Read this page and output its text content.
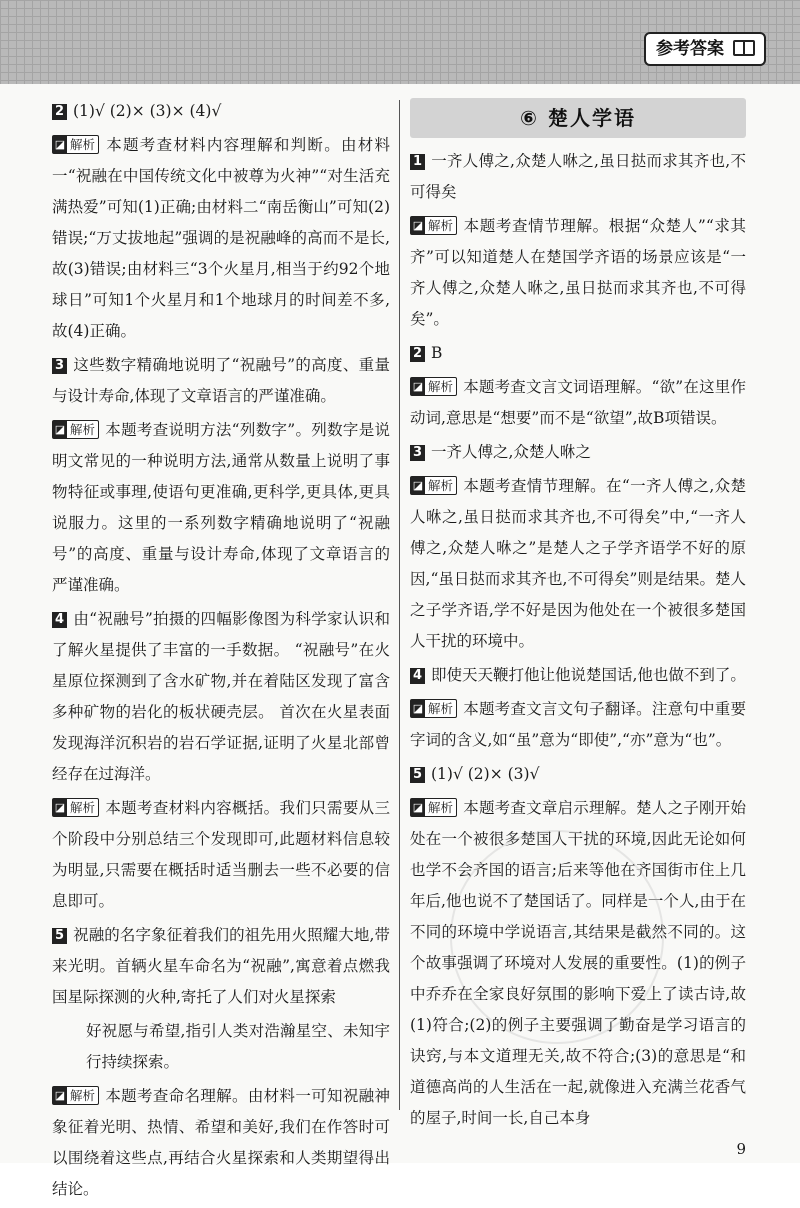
参考答案

2 (1)√ (2)× (3)× (4)√

◪ 解析 本题考查材料内容理解和判断。由材料一“祝融在中国传统文化中被尊为火神”“对生活充满热爱”可知(1)正确;由材料二“南岳衡山”可知(2)错误;“万丈拔地起”强调的是祝融峰的高而不是长,故(3)错误;由材料三“3个火星月,相当于约92个地球日”可知1个火星月和1个地球月的时间差不多,故(4)正确。

3 这些数字精确地说明了“祝融号”的高度、重量与设计寿命,体现了文章语言的严谨准确。

◪ 解析 本题考查说明方法“列数字”。列数字是说明文常见的一种说明方法,通常从数量上说明了事物特征或事理,使语句更准确,更科学,更具体,更具说服力。这里的一系列数字精确地说明了“祝融号”的高度、重量与设计寿命,体现了文章语言的严谨准确。

4 由“祝融号”拍摄的四幅影像图为科学家认识和了解火星提供了丰富的一手数据。 “祝融号”在火星原位探测到了含水矿物,并在着陆区发现了富含多种矿物的岩化的板状硬壳层。 首次在火星表面发现海洋沉积岩的岩石学证据,证明了火星北部曾经存在过海洋。

◪ 解析 本题考查材料内容概括。我们只需要从三个阶段中分别总结三个发现即可,此题材料信息较为明显,只需要在概括时适当删去一些不必要的信息即可。

5 祝融的名字象征着我们的祖先用火照耀大地,带来光明。首辆火星车命名为“祝融”,寓意着点燃我国星际探测的火种,寄托了人们对火星探索

好祝愿与希望,指引人类对浩瀚星空、未知宇行持续探索。

◪ 解析 本题考查命名理解。由材料一可知祝融神象征着光明、热情、希望和美好,我们在作答时可以围绕着这些点,再结合火星探索和人类期望得出结论。

⑥ 楚人学语

1 一齐人傅之,众楚人咻之,虽日挞而求其齐也,不可得矣

◪ 解析 本题考查情节理解。根据“众楚人”“求其齐”可以知道楚人在楚国学齐语的场景应该是“一齐人傅之,众楚人咻之,虽日挞而求其齐也,不可得矣”。

2 B

◪ 解析 本题考查文言文词语理解。“欲”在这里作动词,意思是“想要”而不是“欲望”,故B项错误。

3 一齐人傅之,众楚人咻之

◪ 解析 本题考查情节理解。在“一齐人傅之,众楚人咻之,虽日挞而求其齐也,不可得矣”中,“一齐人傅之,众楚人咻之”是楚人之子学齐语学不好的原因,“虽日挞而求其齐也,不可得矣”则是结果。楚人之子学齐语,学不好是因为他处在一个被很多楚国人干扰的环境中。

4 即使天天鞭打他让他说楚国话,他也做不到了。

◪ 解析 本题考查文言文句子翻译。注意句中重要字词的含义,如“虽”意为“即使”,“亦”意为“也”。

5 (1)√ (2)× (3)√

◪ 解析 本题考查文章启示理解。楚人之子刚开始处在一个被很多楚国人干扰的环境,因此无论如何也学不会齐国的语言;后来等他在齐国街市住上几年后,他也说不了楚国话了。同样是一个人,由于在不同的环境中学说语言,其结果是截然不同的。这个故事强调了环境对人发展的重要性。(1)的例子中乔乔在全家良好氛围的影响下爱上了读古诗,故(1)符合;(2)的例子主要强调了勤奋是学习语言的诀窍,与本文道理无关,故不符合;(3)的意思是“和道德高尚的人生活在一起,就像进入充满兰花香气的屋子,时间一长,自己本身

9
